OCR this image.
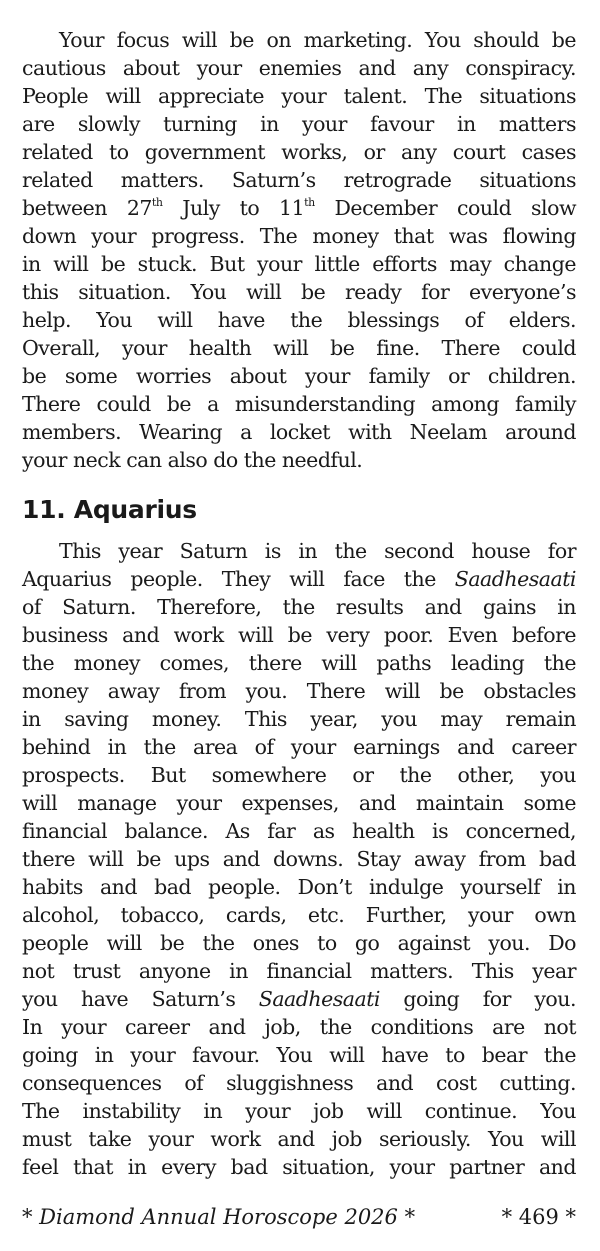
Your focus will be on marketing. You should be
cautious about your enemies and any conspiracy.
People will appreciate your talent. The situations
are slowly turning in your favour in matters
related to government works, or any court cases
related matters. Saturn’s retrograde situations
between 27th July to 11th December could slow
down your progress. The money that was flowing
in will be stuck. But your little efforts may change
this situation. You will be ready for everyone’s
help. You will have the blessings of elders.
Overall, your health will be fine. There could
be some worries about your family or children.
There could be a misunderstanding among family
members. Wearing a locket with Neelam around
your neck can also do the needful.
11. Aquarius
This year Saturn is in the second house for
Aquarius people. They will face the Saadhesaati
of Saturn. Therefore, the results and gains in
business and work will be very poor. Even before
the money comes, there will paths leading the
money away from you. There will be obstacles
in saving money. This year, you may remain
behind in the area of your earnings and career
prospects. But somewhere or the other, you
will manage your expenses, and maintain some
financial balance. As far as health is concerned,
there will be ups and downs. Stay away from bad
habits and bad people. Don’t indulge yourself in
alcohol, tobacco, cards, etc. Further, your own
people will be the ones to go against you. Do
not trust anyone in financial matters. This year
you have Saturn’s Saadhesaati going for you.
In your career and job, the conditions are not
going in your favour. You will have to bear the
consequences of sluggishness and cost cutting.
The instability in your job will continue. You
must take your work and job seriously. You will
feel that in every bad situation, your partner and
* Diamond Annual Horoscope 2026 *	* 469 *
